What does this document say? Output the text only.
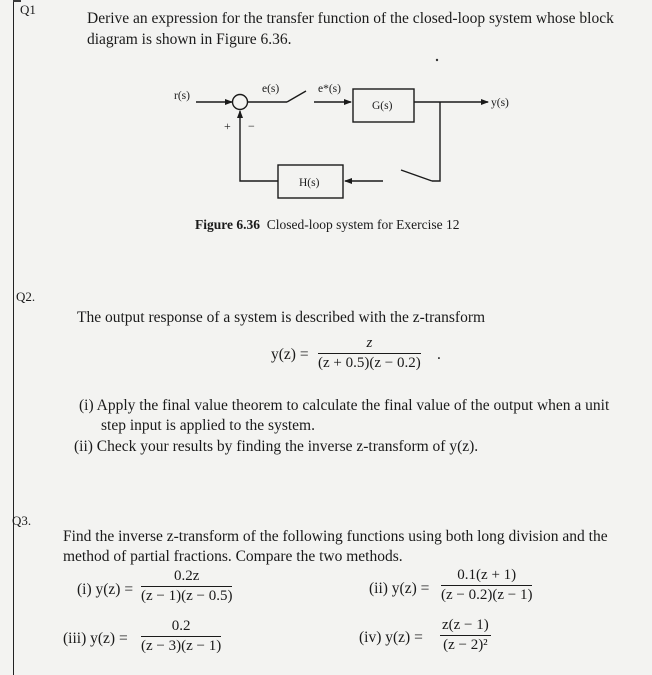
Q1
Derive an expression for the transfer function of the closed-loop system whose block
diagram is shown in Figure 6.36.
r(s)
e(s)	e*(s)
G(s)	y(s)
H(s)
+ −
Figure 6.36 Closed-loop system for Exercise 12
Q2.
The output response of a system is described with the z-transform
y(z) =
z
(z + 0.5)(z − 0.2) .
(i) Apply the final value theorem to calculate the final value of the output when a unit
step input is applied to the system.
(ii) Check your results by finding the inverse z-transform of y(z).
Q3.
Find the inverse z-transform of the following functions using both long division and the
method of partial fractions. Compare the two methods.
(i) y(z) =
0.2z
(z − 1)(z − 0.5)	(ii) y(z) =
0.1(z + 1)
(z − 0.2)(z − 1)
(iii) y(z) =
0.2
(z − 3)(z − 1)	(iv) y(z) =
z(z − 1)
(z − 2)²
